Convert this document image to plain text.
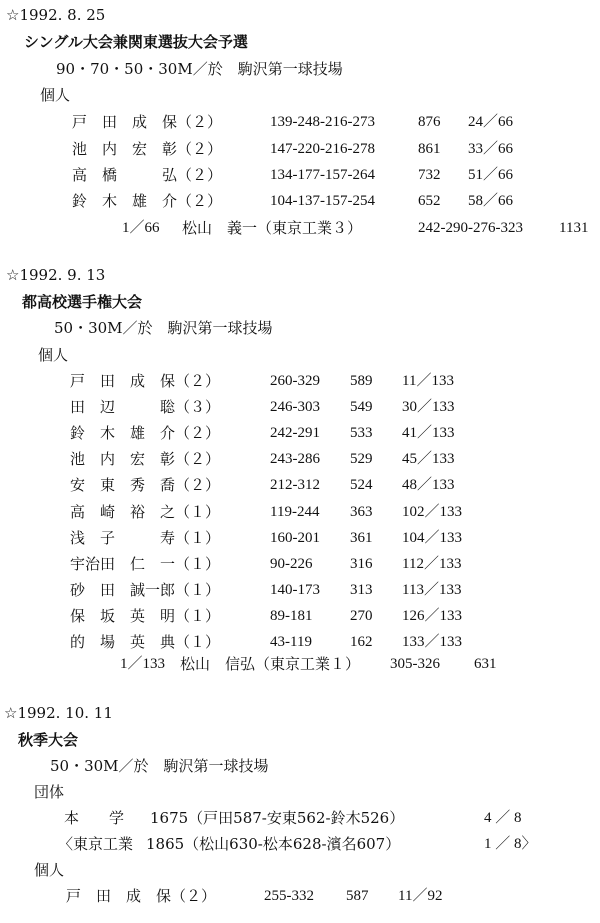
☆1992. 8. 25
シングル大会兼関東選抜大会予選
90・70・50・30M／於　駒沢第一球技場
個人
戸　田　成　保（２）	139-248-216-273	876 24／66
池　内　宏　彰（２）	147-220-216-278	861 33／66
高　橋　　　弘（２）	134-177-157-264	732 51／66
鈴　木　雄　介（２）	104-137-157-254	652 58／66
1／66 松山　義一（東京工業３）	242-290-276-323 1131
☆1992. 9. 13
都高校選手権大会
50・30M／於　駒沢第一球技場
個人
戸　田　成　保（２）	260-329 589 11／133
田　辺　　　聡（３）	246-303 549 30／133
鈴　木　雄　介（２）	242-291 533 41／133
池　内　宏　彰（２）	243-286 529 45／133
安　東　秀　喬（２）	212-312 524 48／133
高　崎　裕　之（１）	119-244 363 102／133
浅　子　　　寿（１）	160-201 361 104／133
宇治田　仁　一（１）	90-226	316 112／133
砂　田　誠一郎（１）	140-173 313 113／133
保　坂　英　明（１）	89-181	270 126／133
的　場　英　典（１）	43-119	162 133／133
1／133 松山　信弘（東京工業１） 305-326 631
☆1992. 10. 11
秋季大会
50・30M／於　駒沢第一球技場
団体
本　　学 1675（戸田587-安東562-鈴木526）	4 ／ 8
〈東京工業 1865（松山630-松本628-濱名607）	1 ／ 8〉
個人
戸　田　成　保（２）	255-332 587 11／92
